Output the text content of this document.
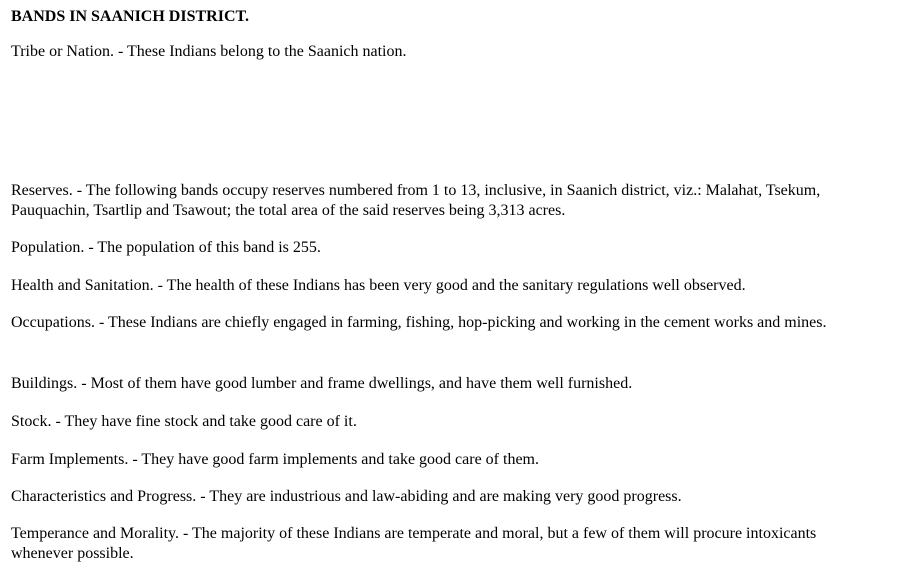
BANDS IN SAANICH DISTRICT.

Tribe or Nation. - These Indians belong to the Saanich nation.

Reserves. - The following bands occupy reserves numbered from 1 to 13, inclusive, in Saanich district, viz.: Malahat, Tsekum, Pauquachin, Tsartlip and Tsawout; the total area of the said reserves being 3,313 acres.

Population. - The population of this band is 255.

Health and Sanitation. - The health of these Indians has been very good and the sanitary regulations well observed.

Occupations. - These Indians are chiefly engaged in farming, fishing, hop-picking and working in the cement works and mines.

Buildings. - Most of them have good lumber and frame dwellings, and have them well furnished.

Stock. - They have fine stock and take good care of it.

Farm Implements. - They have good farm implements and take good care of them.

Characteristics and Progress. - They are industrious and law-abiding and are making very good progress.

Temperance and Morality. - The majority of these Indians are temperate and moral, but a few of them will procure intoxicants whenever possible.
